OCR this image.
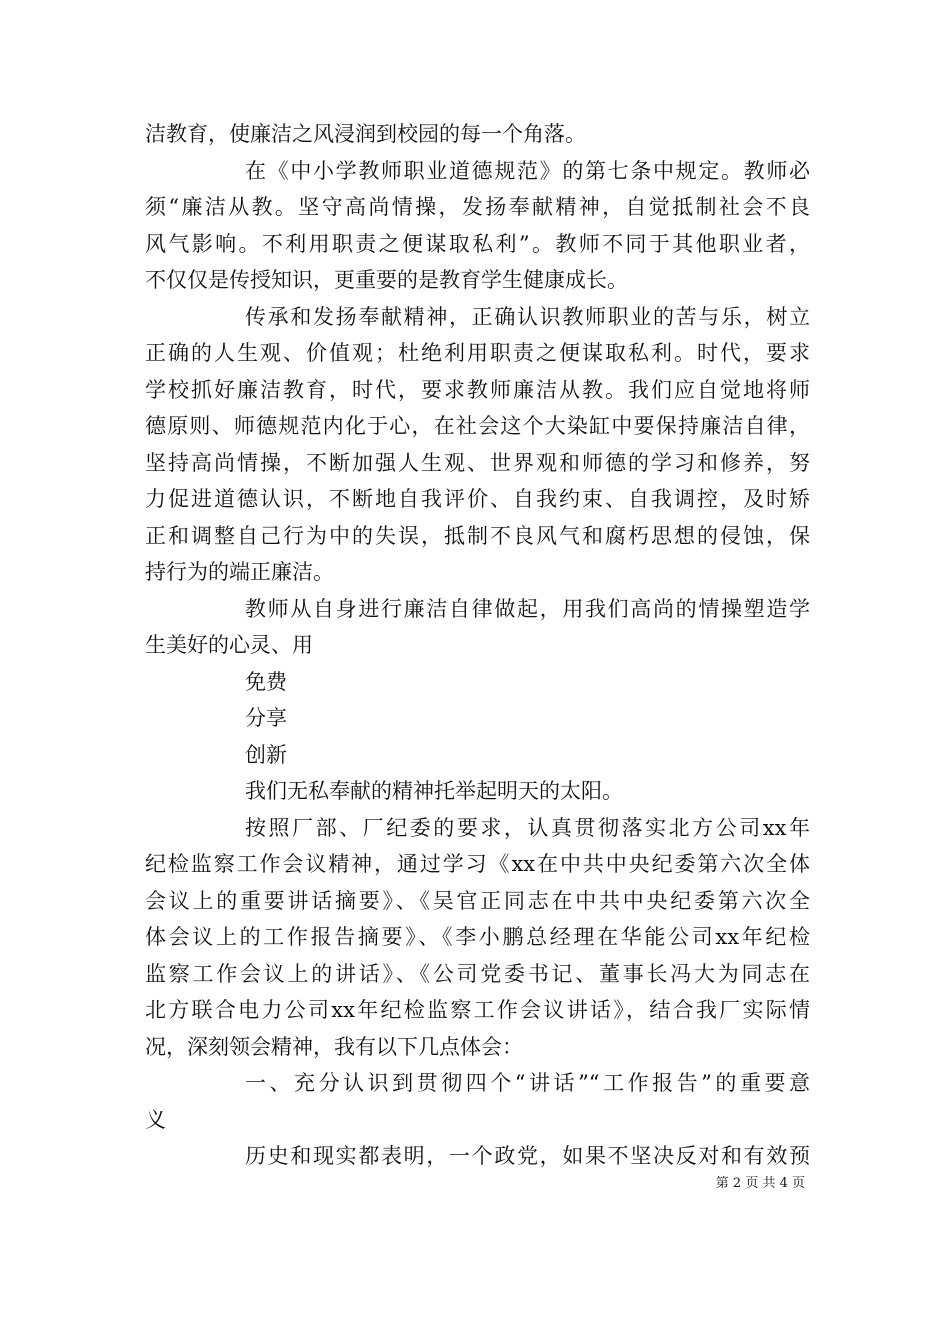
洁教育，使廉洁之风浸润到校园的每一个角落。
在《中小学教师职业道德规范》的第七条中规定。教师必
须“廉洁从教。坚守高尚情操，发扬奉献精神，自觉抵制社会不良
风气影响。不利用职责之便谋取私利”。教师不同于其他职业者，
不仅仅是传授知识，更重要的是教育学生健康成长。
传承和发扬奉献精神，正确认识教师职业的苦与乐，树立
正确的人生观、价值观；杜绝利用职责之便谋取私利。时代，要求
学校抓好廉洁教育，时代，要求教师廉洁从教。我们应自觉地将师
德原则、师德规范内化于心，在社会这个大染缸中要保持廉洁自律，
坚持高尚情操，不断加强人生观、世界观和师德的学习和修养，努
力促进道德认识，不断地自我评价、自我约束、自我调控，及时矫
正和调整自己行为中的失误，抵制不良风气和腐朽思想的侵蚀，保
持行为的端正廉洁。
教师从自身进行廉洁自律做起，用我们高尚的情操塑造学
生美好的心灵、用
免费
分享
创新
我们无私奉献的精神托举起明天的太阳。
按照厂部、厂纪委的要求，认真贯彻落实北方公司xx年
纪检监察工作会议精神，通过学习《xx在中共中央纪委第六次全体
会议上的重要讲话摘要》、《吴官正同志在中共中央纪委第六次全
体会议上的工作报告摘要》、《李小鹏总经理在华能公司xx年纪检
监察工作会议上的讲话》、《公司党委书记、董事长冯大为同志在
北方联合电力公司xx年纪检监察工作会议讲话》，结合我厂实际情
况，深刻领会精神，我有以下几点体会：
一、充分认识到贯彻四个“讲话”“工作报告”的重要意
义
历史和现实都表明，一个政党，如果不坚决反对和有效预
第 2 页 共 4 页
